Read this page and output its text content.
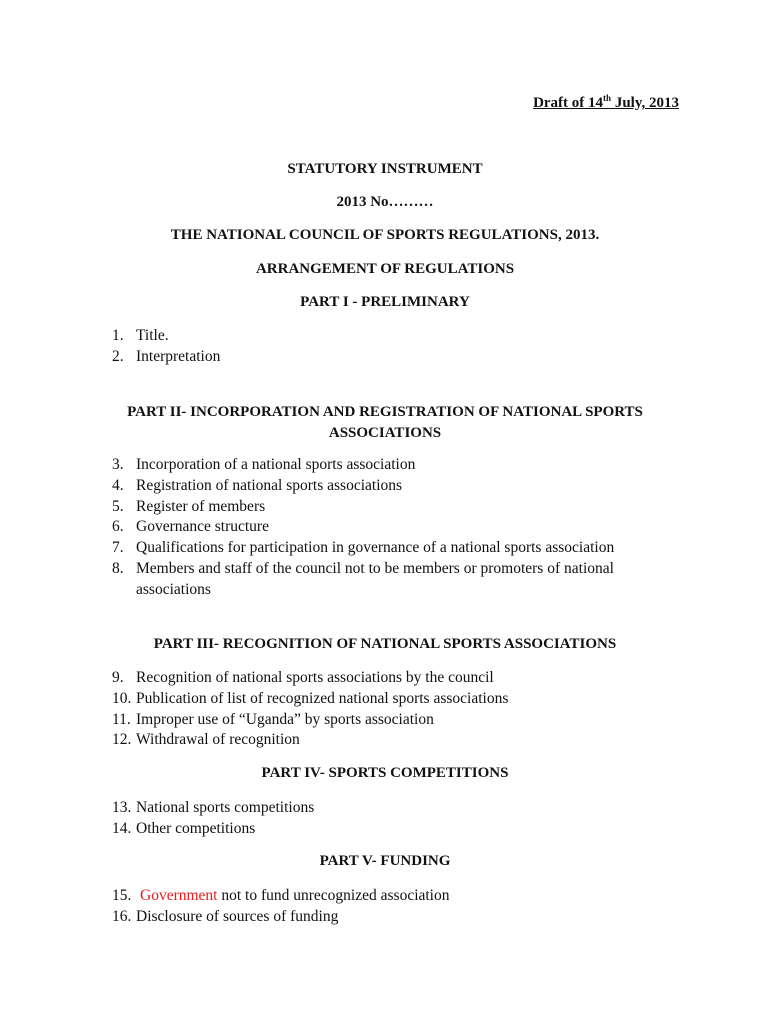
Draft of 14th July, 2013
STATUTORY INSTRUMENT
2013 No………
THE NATIONAL COUNCIL OF SPORTS REGULATIONS, 2013.
ARRANGEMENT OF REGULATIONS
PART I - PRELIMINARY
1. Title.
2. Interpretation
PART II- INCORPORATION AND REGISTRATION OF NATIONAL SPORTS ASSOCIATIONS
3. Incorporation of a national sports association
4. Registration of national sports associations
5. Register of members
6. Governance structure
7. Qualifications for participation in governance of a national sports association
8. Members and staff of the council not to be members or promoters of national associations
PART III- RECOGNITION OF NATIONAL SPORTS ASSOCIATIONS
9. Recognition of national sports associations by the council
10. Publication of list of recognized national sports associations
11. Improper use of “Uganda” by sports association
12. Withdrawal of recognition
PART IV- SPORTS COMPETITIONS
13. National sports competitions
14. Other competitions
PART V- FUNDING
15. Government not to fund unrecognized association
16. Disclosure of sources of funding
